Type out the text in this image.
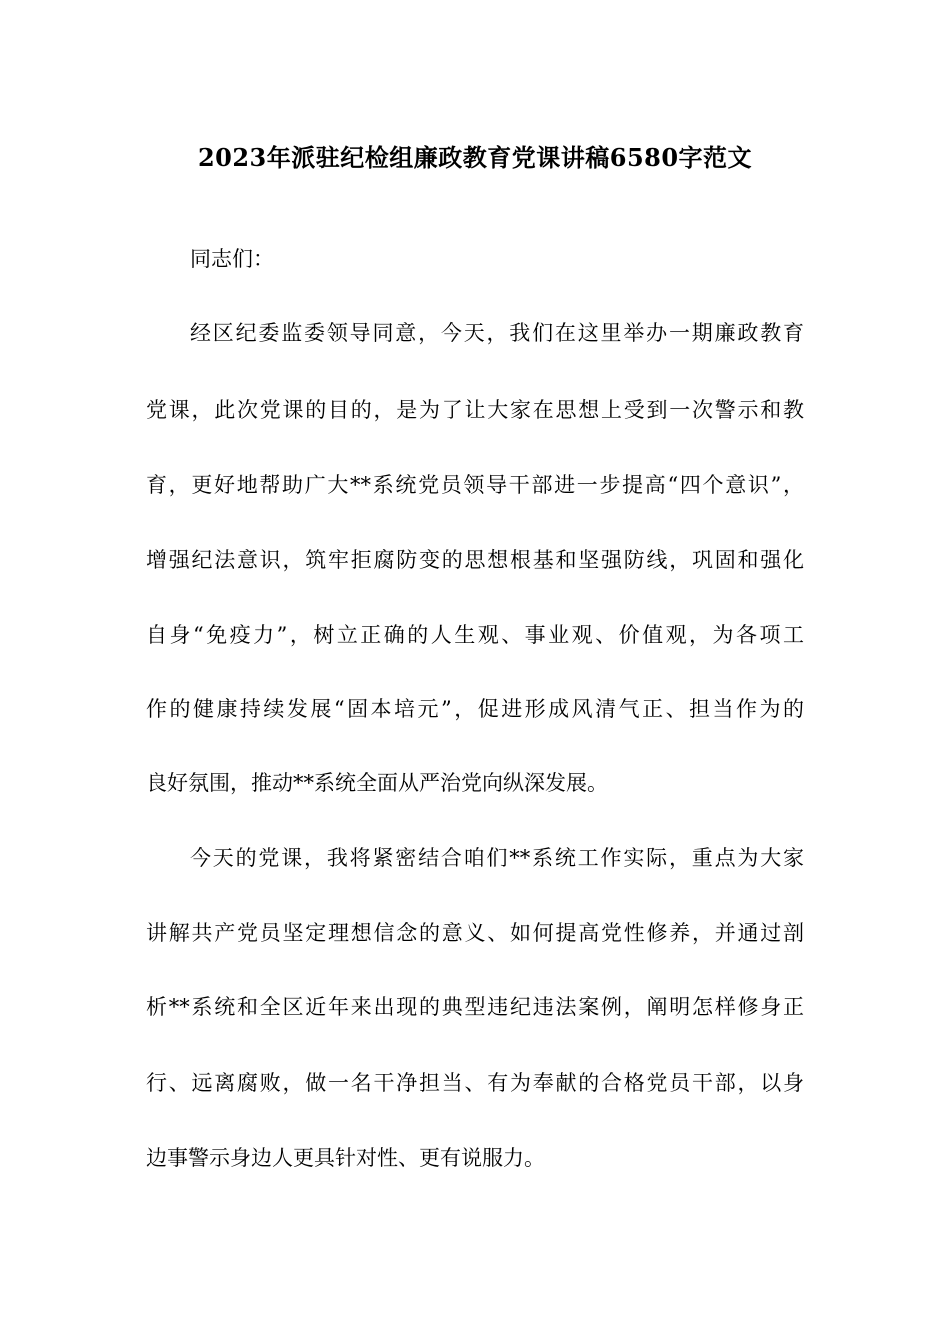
2023年派驻纪检组廉政教育党课讲稿6580字范文
同志们：
经区纪委监委领导同意，今天，我们在这里举办一期廉政教育
党课，此次党课的目的，是为了让大家在思想上受到一次警示和教
育，更好地帮助广大**系统党员领导干部进一步提高“四个意识”，
增强纪法意识，筑牢拒腐防变的思想根基和坚强防线，巩固和强化
自身“免疫力”，树立正确的人生观、事业观、价值观，为各项工
作的健康持续发展“固本培元”，促进形成风清气正、担当作为的
良好氛围，推动**系统全面从严治党向纵深发展。
今天的党课，我将紧密结合咱们**系统工作实际，重点为大家
讲解共产党员坚定理想信念的意义、如何提高党性修养，并通过剖
析**系统和全区近年来出现的典型违纪违法案例，阐明怎样修身正
行、远离腐败，做一名干净担当、有为奉献的合格党员干部，以身
边事警示身边人更具针对性、更有说服力。
